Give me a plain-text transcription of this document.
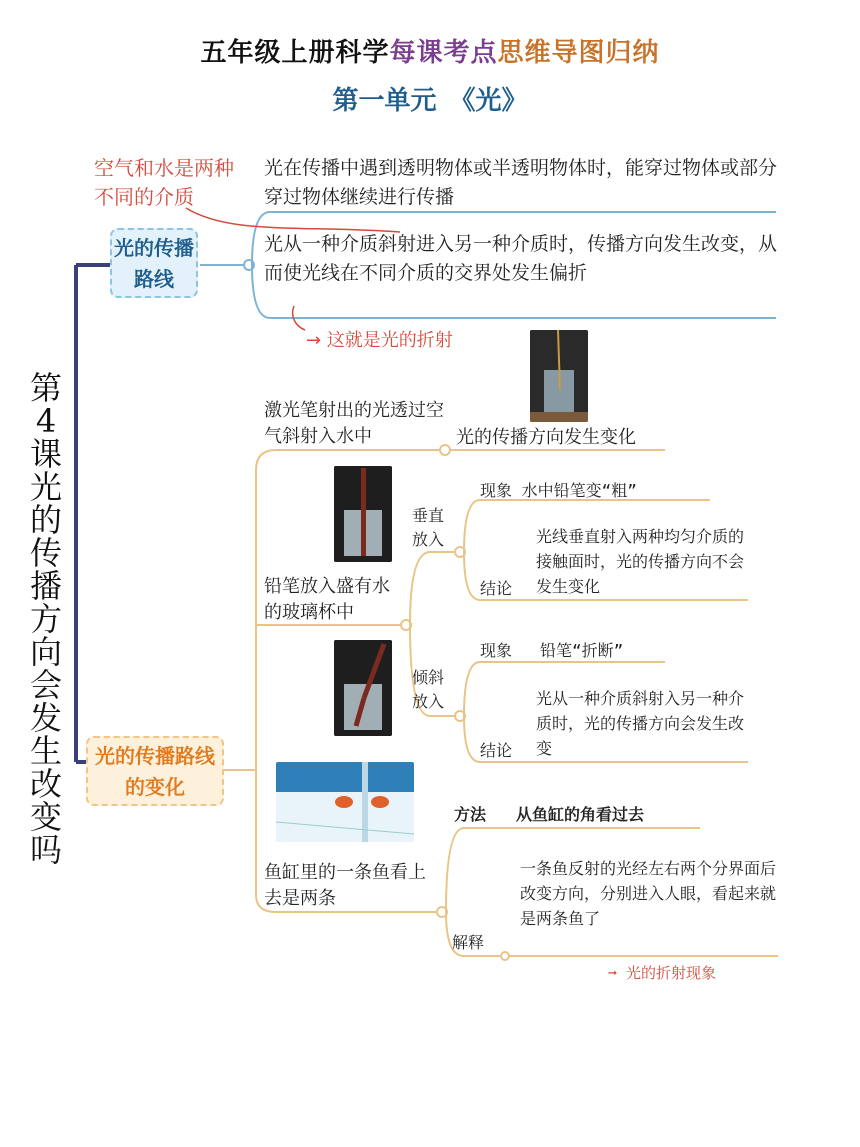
五年级上册科学每课考点思维导图归纳
第一单元　《光》
第4课光的传播方向会发生改变吗
空气和水是两种不同的介质
光的传播路线
光在传播中遇到透明物体或半透明物体时，能穿过物体或部分穿过物体继续进行传播
光从一种介质斜射进入另一种介质时，传播方向发生改变，从而使光线在不同介质的交界处发生偏折
→ 这就是光的折射
光的传播路线的变化
激光笔射出的光透过空气斜射入水中	光的传播方向发生变化
铅笔放入盛有水的玻璃杯中
垂直放入
现象 水中铅笔变“粗”
结论
光线垂直射入两种均匀介质的接触面时，光的传播方向不会发生变化
倾斜放入
现象 铅笔“折断”
结论
光从一种介质斜射入另一种介质时，光的传播方向会发生改变
鱼缸里的一条鱼看上去是两条
方法 从鱼缸的角看过去
解释
一条鱼反射的光经左右两个分界面后改变方向，分别进入人眼，看起来就是两条鱼了
➞ 光的折射现象
